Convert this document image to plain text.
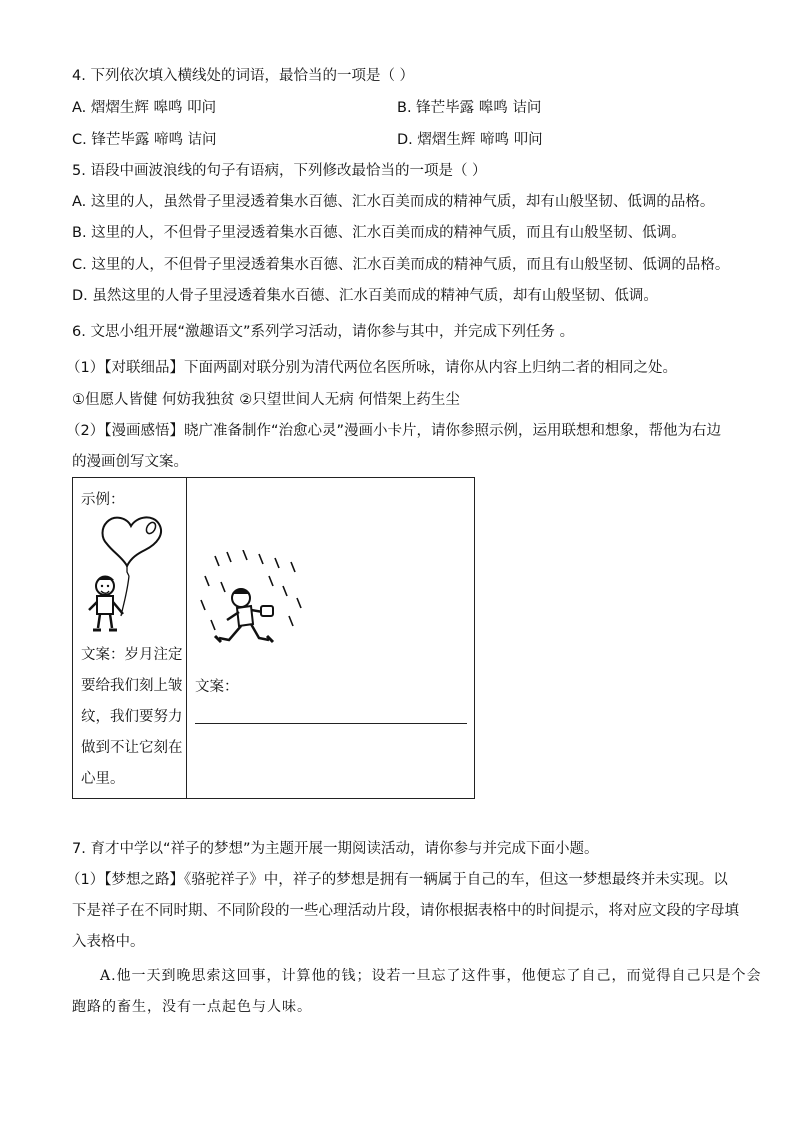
4. 下列依次填入横线处的词语，最恰当的一项是（ ）
A. 熠熠生辉 嗥鸣 叩问	B. 锋芒毕露 嗥鸣 诘问
C. 锋芒毕露 啼鸣 诘问	D. 熠熠生辉 啼鸣 叩问
5. 语段中画波浪线的句子有语病，下列修改最恰当的一项是（ ）
A. 这里的人，虽然骨子里浸透着集水百德、汇水百美而成的精神气质，却有山般坚韧、低调的品格。
B. 这里的人，不但骨子里浸透着集水百德、汇水百美而成的精神气质，而且有山般坚韧、低调。
C. 这里的人，不但骨子里浸透着集水百德、汇水百美而成的精神气质，而且有山般坚韧、低调的品格。
D. 虽然这里的人骨子里浸透着集水百德、汇水百美而成的精神气质，却有山般坚韧、低调。
6. 文思小组开展“激趣语文”系列学习活动，请你参与其中，并完成下列任务 。
（1）【对联细品】下面两副对联分别为清代两位名医所咏，请你从内容上归纳二者的相同之处。
①但愿人皆健 何妨我独贫 ②只望世间人无病 何惜架上药生尘
（2）【漫画感悟】晓广准备制作“治愈心灵”漫画小卡片，请你参照示例，运用联想和想象，帮他为右边
的漫画创写文案。
示例：
文案：岁月注定
要给我们刻上皱
纹，我们要努力
做到不让它刻在
心里。
文案：
7. 育才中学以“祥子的梦想”为主题开展一期阅读活动，请你参与并完成下面小题。
（1）【梦想之路】《骆驼祥子》中，祥子的梦想是拥有一辆属于自己的车，但这一梦想最终并未实现。以
下是祥子在不同时期、不同阶段的一些心理活动片段，请你根据表格中的时间提示，将对应文段的字母填
入表格中。
A.他一天到晚思索这回事，计算他的钱；设若一旦忘了这件事，他便忘了自己，而觉得自己只是个会
跑路的畜生，没有一点起色与人味。
